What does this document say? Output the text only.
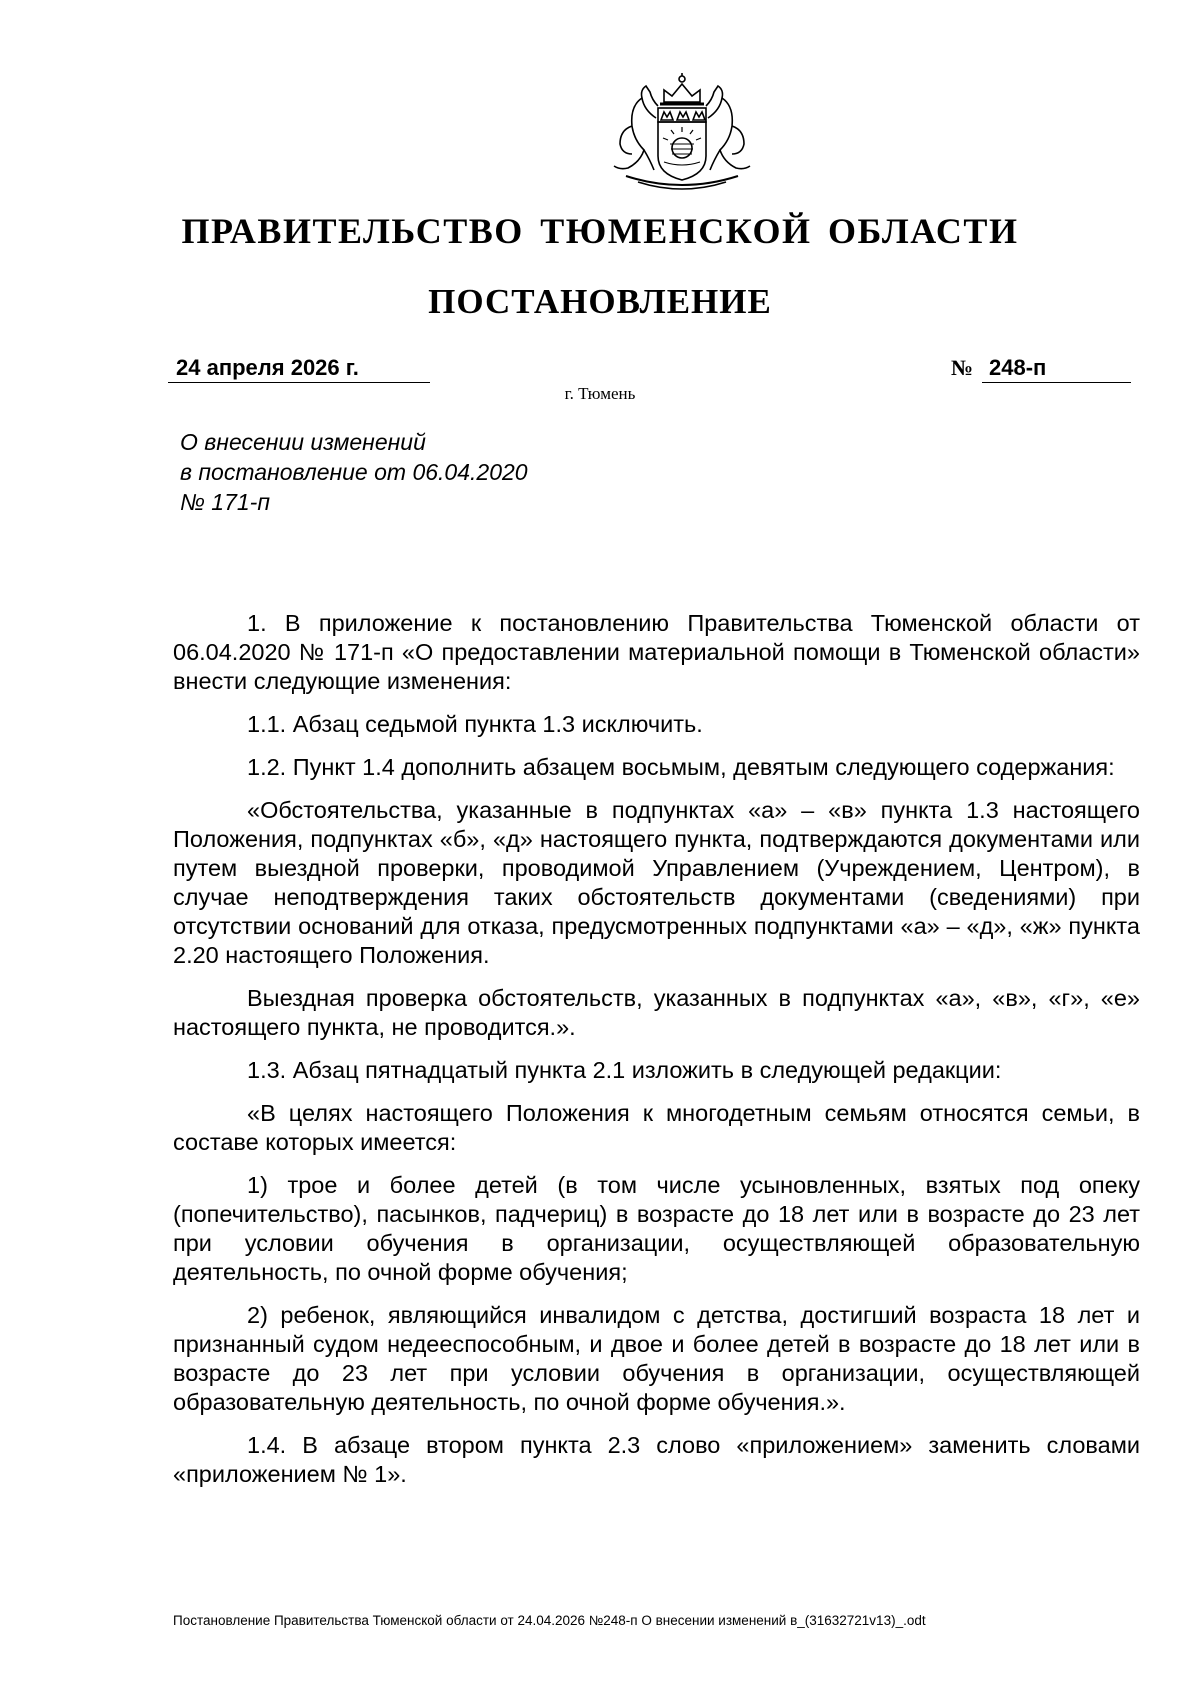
ПРАВИТЕЛЬСТВО ТЮМЕНСКОЙ ОБЛАСТИ
ПОСТАНОВЛЕНИЕ
24 апреля 2026 г.	№ 248-п
г. Тюмень
О внесении изменений
в постановление от 06.04.2020
№ 171-п

1. В приложение к постановлению Правительства Тюменской области от 06.04.2020 № 171-п «О предоставлении материальной помощи в Тюменской области» внести следующие изменения:

1.1. Абзац седьмой пункта 1.3 исключить.

1.2. Пункт 1.4 дополнить абзацем восьмым, девятым следующего содержания:

«Обстоятельства, указанные в подпунктах «а» – «в» пункта 1.3 настоящего Положения, подпунктах «б», «д» настоящего пункта, подтверждаются документами или путем выездной проверки, проводимой Управлением (Учреждением, Центром), в случае неподтверждения таких обстоятельств документами (сведениями) при отсутствии оснований для отказа, предусмотренных подпунктами «а» – «д», «ж» пункта 2.20 настоящего Положения.

Выездная проверка обстоятельств, указанных в подпунктах «а», «в», «г», «е» настоящего пункта, не проводится.».

1.3. Абзац пятнадцатый пункта 2.1 изложить в следующей редакции:

«В целях настоящего Положения к многодетным семьям относятся семьи, в составе которых имеется:

1) трое и более детей (в том числе усыновленных, взятых под опеку (попечительство), пасынков, падчериц) в возрасте до 18 лет или в возрасте до 23 лет при условии обучения в организации, осуществляющей образовательную деятельность, по очной форме обучения;

2) ребенок, являющийся инвалидом с детства, достигший возраста 18 лет и признанный судом недееспособным, и двое и более детей в возрасте до 18 лет или в возрасте до 23 лет при условии обучения в организации, осуществляющей образовательную деятельность, по очной форме обучения.».

1.4. В абзаце втором пункта 2.3 слово «приложением» заменить словами «приложением № 1».

Постановление Правительства Тюменской области от 24.04.2026 №248-п О внесении изменений в_(31632721v13)_.odt
